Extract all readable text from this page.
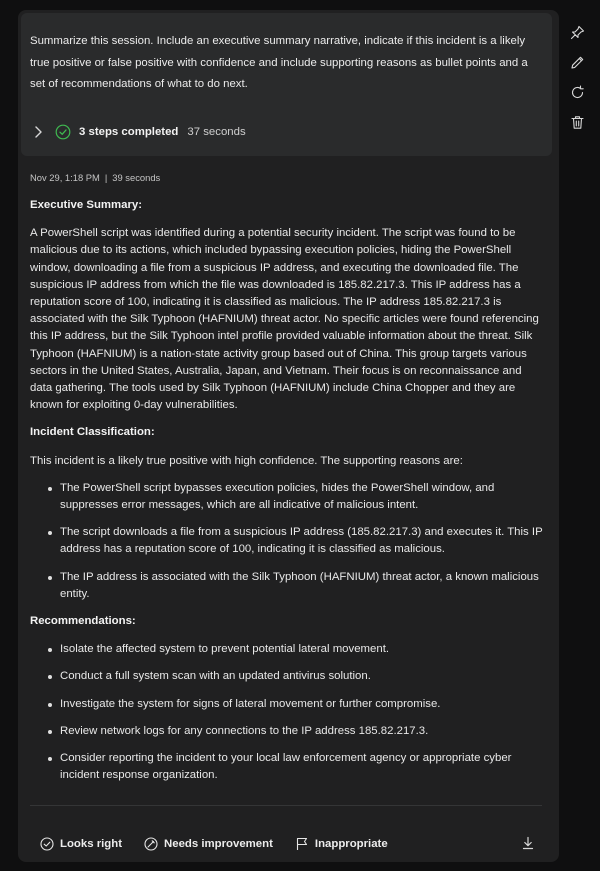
Summarize this session. Include an executive summary narrative, indicate if this incident is a likely true positive or false positive with confidence and include supporting reasons as bullet points and a set of recommendations of what to do next.
3 steps completed 37 seconds
Nov 29, 1:18 PM | 39 seconds
Executive Summary:
A PowerShell script was identified during a potential security incident. The script was found to be malicious due to its actions, which included bypassing execution policies, hiding the PowerShell window, downloading a file from a suspicious IP address, and executing the downloaded file. The suspicious IP address from which the file was downloaded is 185.82.217.3. This IP address has a reputation score of 100, indicating it is classified as malicious. The IP address 185.82.217.3 is associated with the Silk Typhoon (HAFNIUM) threat actor. No specific articles were found referencing this IP address, but the Silk Typhoon intel profile provided valuable information about the threat. Silk Typhoon (HAFNIUM) is a nation-state activity group based out of China. This group targets various sectors in the United States, Australia, Japan, and Vietnam. Their focus is on reconnaissance and data gathering. The tools used by Silk Typhoon (HAFNIUM) include China Chopper and they are known for exploiting 0-day vulnerabilities.
Incident Classification:
This incident is a likely true positive with high confidence. The supporting reasons are:
The PowerShell script bypasses execution policies, hides the PowerShell window, and suppresses error messages, which are all indicative of malicious intent.
The script downloads a file from a suspicious IP address (185.82.217.3) and executes it. This IP address has a reputation score of 100, indicating it is classified as malicious.
The IP address is associated with the Silk Typhoon (HAFNIUM) threat actor, a known malicious entity.
Recommendations:
Isolate the affected system to prevent potential lateral movement.
Conduct a full system scan with an updated antivirus solution.
Investigate the system for signs of lateral movement or further compromise.
Review network logs for any connections to the IP address 185.82.217.3.
Consider reporting the incident to your local law enforcement agency or appropriate cyber incident response organization.
Looks right	Needs improvement	Inappropriate
